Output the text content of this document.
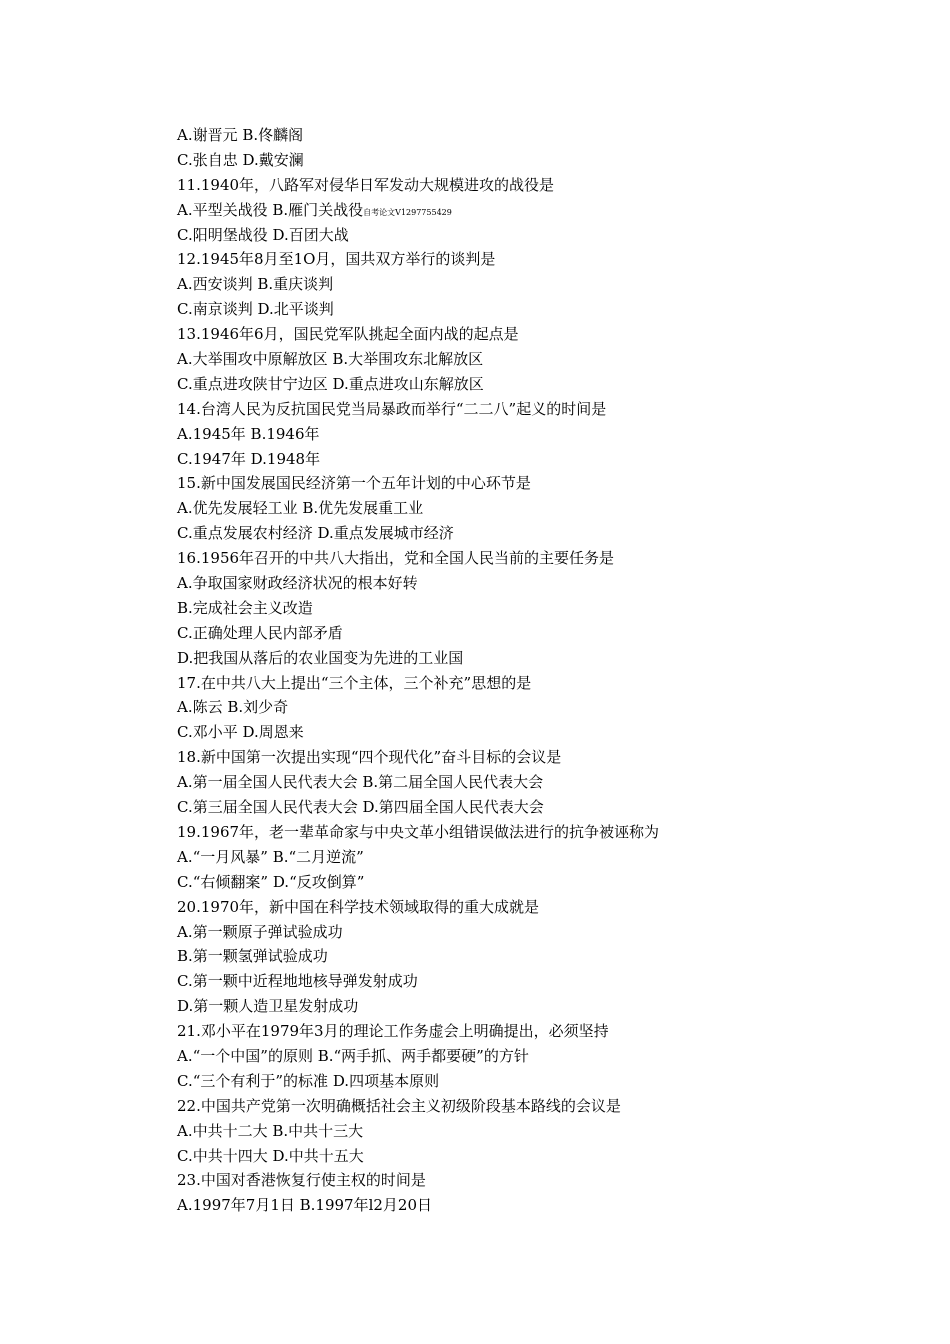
A.谢晋元 B.佟麟阁

C.张自忠 D.戴安澜

11.1940年，八路军对侵华日军发动大规模进攻的战役是

A.平型关战役 B.雁门关战役自考论文V1297755429

C.阳明堡战役 D.百团大战

12.1945年8月至1O月，国共双方举行的谈判是

A.西安谈判 B.重庆谈判

C.南京谈判 D.北平谈判

13.1946年6月，国民党军队挑起全面内战的起点是

A.大举围攻中原解放区 B.大举围攻东北解放区

C.重点进攻陕甘宁边区 D.重点进攻山东解放区

14.台湾人民为反抗国民党当局暴政而举行“二二八”起义的时间是

A.1945年 B.1946年

C.1947年 D.1948年

15.新中国发展国民经济第一个五年计划的中心环节是

A.优先发展轻工业 B.优先发展重工业

C.重点发展农村经济 D.重点发展城市经济

16.1956年召开的中共八大指出，党和全国人民当前的主要任务是

A.争取国家财政经济状况的根本好转

B.完成社会主义改造

C.正确处理人民内部矛盾

D.把我国从落后的农业国变为先进的工业国

17.在中共八大上提出“三个主体，三个补充”思想的是

A.陈云 B.刘少奇

C.邓小平 D.周恩来

18.新中国第一次提出实现“四个现代化”奋斗目标的会议是

A.第一届全国人民代表大会 B.第二届全国人民代表大会

C.第三届全国人民代表大会 D.第四届全国人民代表大会

19.1967年，老一辈革命家与中央文革小组错误做法进行的抗争被诬称为

A.“一月风暴” B.“二月逆流”

C.“右倾翻案” D.“反攻倒算”

20.1970年，新中国在科学技术领域取得的重大成就是

A.第一颗原子弹试验成功

B.第一颗氢弹试验成功

C.第一颗中近程地地核导弹发射成功

D.第一颗人造卫星发射成功

21.邓小平在1979年3月的理论工作务虚会上明确提出，必须坚持

A.“一个中国”的原则 B.“两手抓、两手都要硬”的方针

C.“三个有利于”的标准 D.四项基本原则

22.中国共产党第一次明确概括社会主义初级阶段基本路线的会议是

A.中共十二大 B.中共十三大

C.中共十四大 D.中共十五大

23.中国对香港恢复行使主权的时间是

A.1997年7月1日 B.1997年l2月20日
